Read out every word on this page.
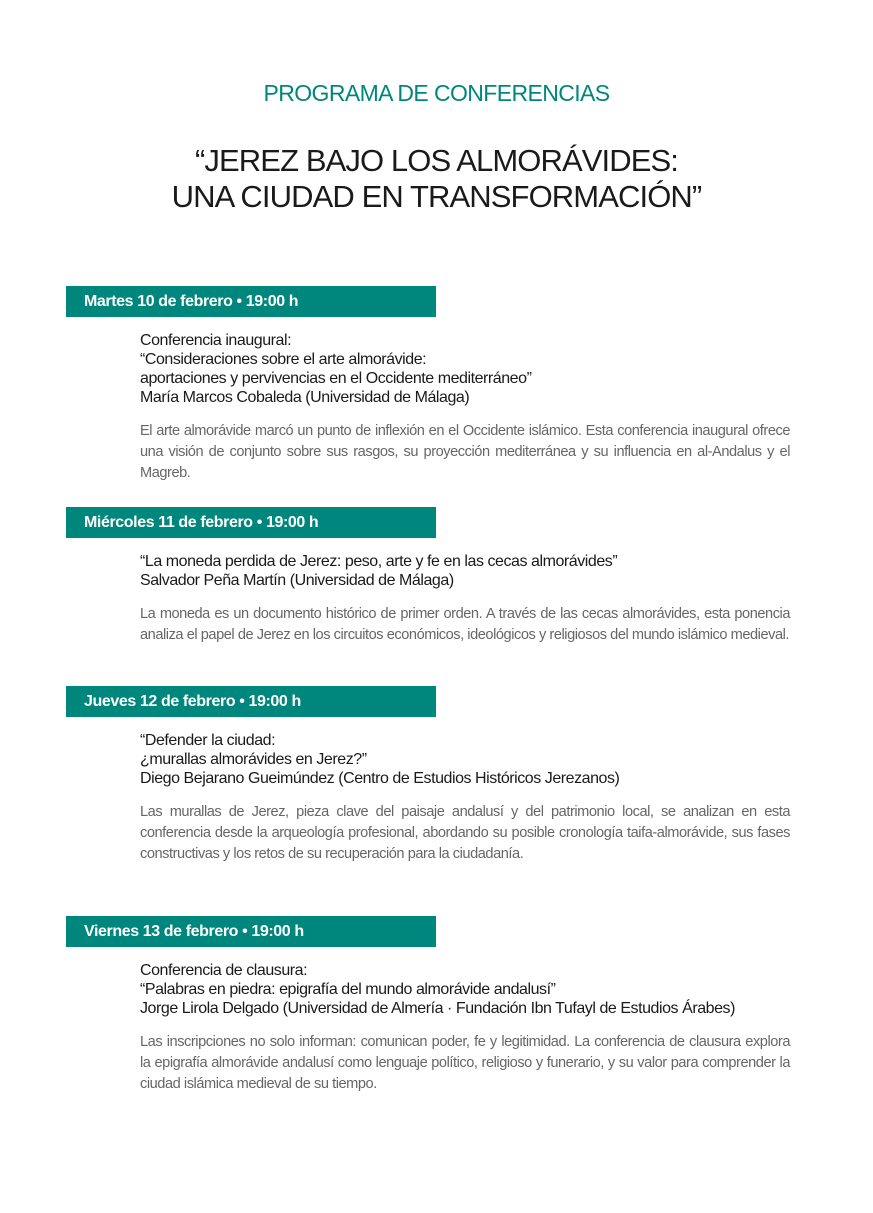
PROGRAMA DE CONFERENCIAS
“JEREZ BAJO LOS ALMORÁVIDES:
UNA CIUDAD EN TRANSFORMACIÓN”
Martes 10 de febrero • 19:00 h
Conferencia inaugural:
“Consideraciones sobre el arte almorávide:
aportaciones y pervivencias en el Occidente mediterráneo”
María Marcos Cobaleda (Universidad de Málaga)
El arte almorávide marcó un punto de inflexión en el Occidente islámico. Esta conferencia inaugural ofrece una visión de conjunto sobre sus rasgos, su proyección mediterránea y su influencia en al-Andalus y el Magreb.
Miércoles 11 de febrero • 19:00 h
“La moneda perdida de Jerez: peso, arte y fe en las cecas almorávides”
Salvador Peña Martín (Universidad de Málaga)
La moneda es un documento histórico de primer orden. A través de las cecas almorávides, esta ponencia analiza el papel de Jerez en los circuitos económicos, ideológicos y religiosos del mundo islámico medieval.
Jueves 12 de febrero • 19:00 h
“Defender la ciudad:
¿murallas almorávides en Jerez?”
Diego Bejarano Gueimúndez (Centro de Estudios Históricos Jerezanos)
Las murallas de Jerez, pieza clave del paisaje andalusí y del patrimonio local, se analizan en esta conferencia desde la arqueología profesional, abordando su posible cronología taifa-almorávide, sus fases constructivas y los retos de su recuperación para la ciudadanía.
Viernes 13 de febrero • 19:00 h
Conferencia de clausura:
“Palabras en piedra: epigrafía del mundo almorávide andalusí”
Jorge Lirola Delgado (Universidad de Almería · Fundación Ibn Tufayl de Estudios Árabes)
Las inscripciones no solo informan: comunican poder, fe y legitimidad. La conferencia de clausura explora la epigrafía almorávide andalusí como lenguaje político, religioso y funerario, y su valor para comprender la ciudad islámica medieval de su tiempo.
